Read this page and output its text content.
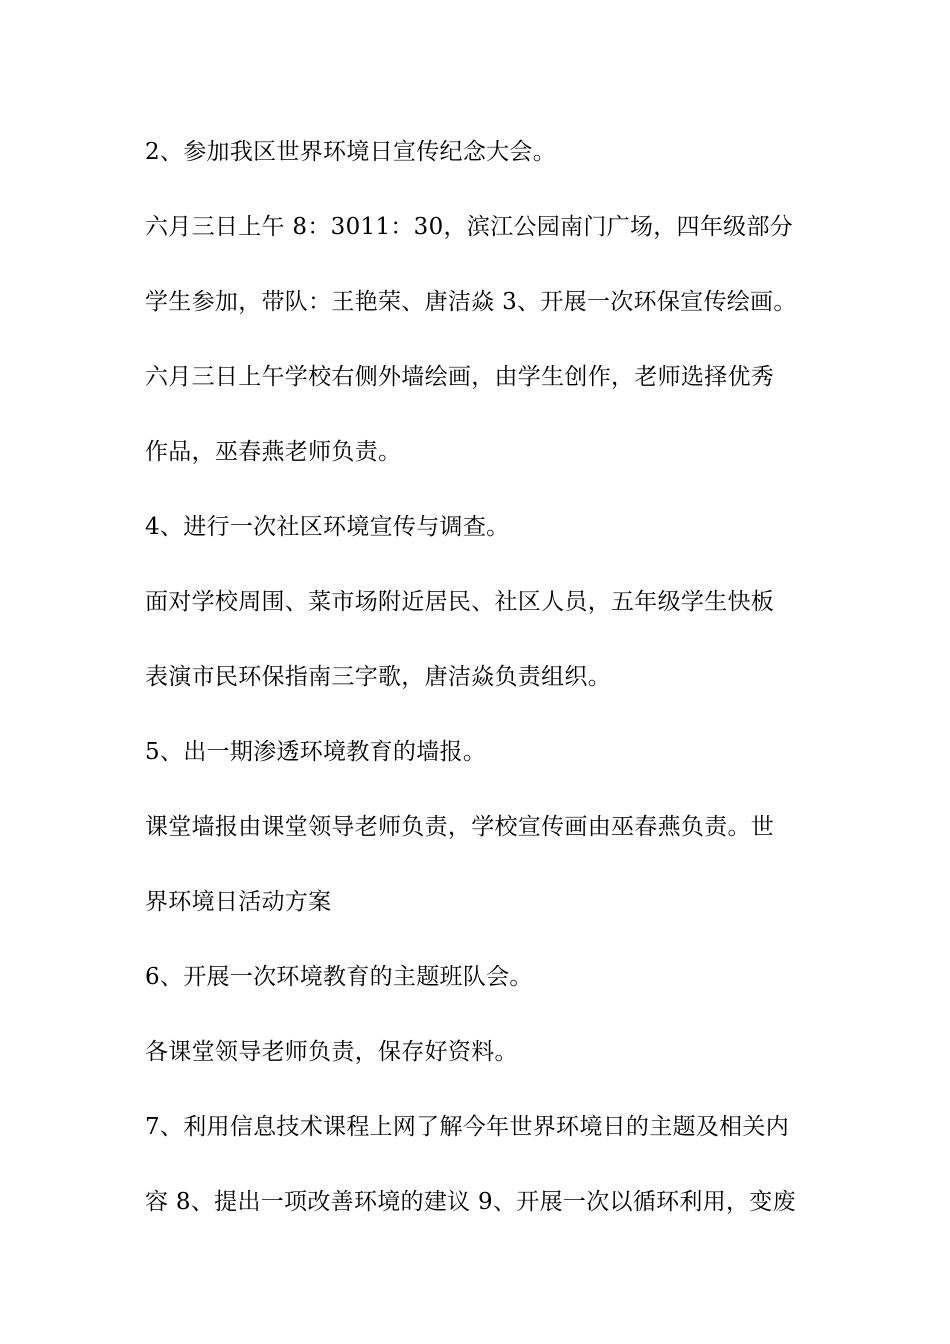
2、参加我区世界环境日宣传纪念大会。
六月三日上午 8：3011：30，滨江公园南门广场，四年级部分
学生参加，带队：王艳荣、唐洁焱 3、开展一次环保宣传绘画。
六月三日上午学校右侧外墙绘画，由学生创作，老师选择优秀
作品，巫春燕老师负责。
4、进行一次社区环境宣传与调查。
面对学校周围、菜市场附近居民、社区人员，五年级学生快板
表演市民环保指南三字歌，唐洁焱负责组织。
5、出一期渗透环境教育的墙报。
课堂墙报由课堂领导老师负责，学校宣传画由巫春燕负责。世
界环境日活动方案
6、开展一次环境教育的主题班队会。
各课堂领导老师负责，保存好资料。
7、利用信息技术课程上网了解今年世界环境日的主题及相关内
容 8、提出一项改善环境的建议 9、开展一次以循环利用，变废
